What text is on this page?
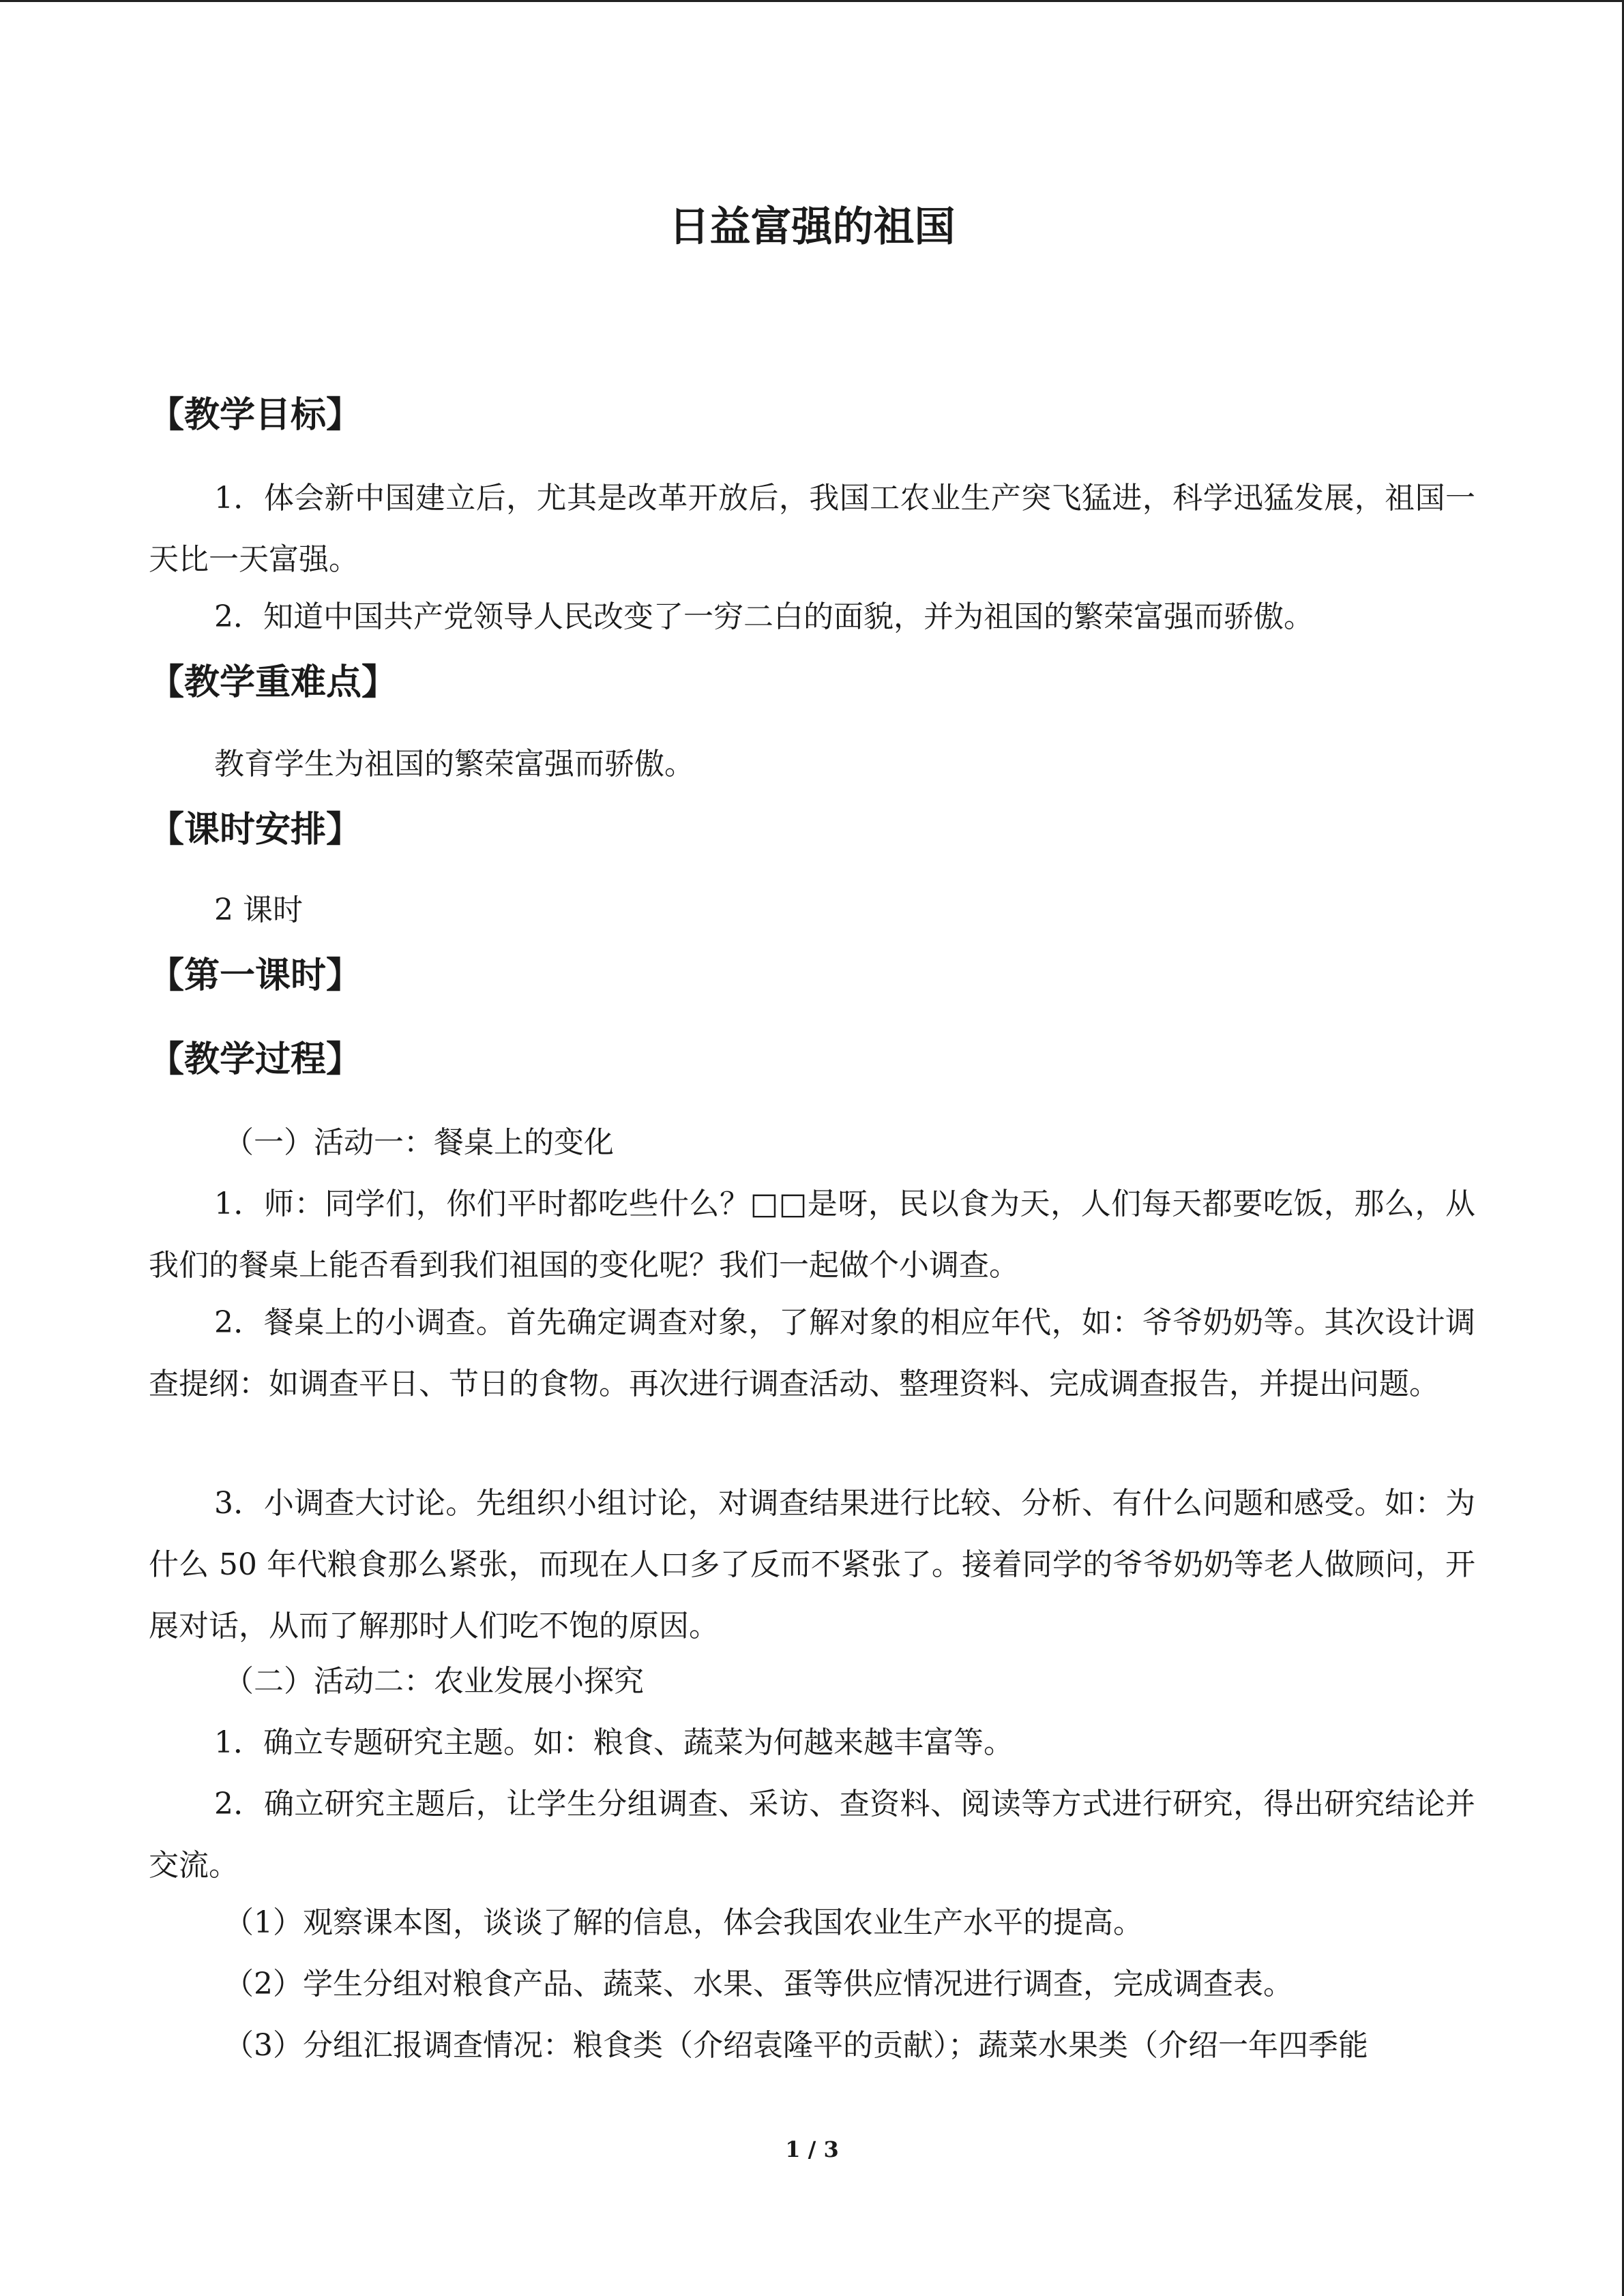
日益富强的祖国
【教学目标】

1．体会新中国建立后，尤其是改革开放后，我国工农业生产突飞猛进，科学迅猛发展，祖国一天比一天富强。

2．知道中国共产党领导人民改变了一穷二白的面貌，并为祖国的繁荣富强而骄傲。

【教学重难点】

教育学生为祖国的繁荣富强而骄傲。

【课时安排】

2 课时

【第一课时】
【教学过程】

（一）活动一：餐桌上的变化

1．师：同学们，你们平时都吃些什么？□□是呀，民以食为天，人们每天都要吃饭，那么，从我们的餐桌上能否看到我们祖国的变化呢？我们一起做个小调查。

2．餐桌上的小调查。首先确定调查对象，了解对象的相应年代，如：爷爷奶奶等。其次设计调查提纲：如调查平日、节日的食物。再次进行调查活动、整理资料、完成调查报告，并提出问题。

3．小调查大讨论。先组织小组讨论，对调查结果进行比较、分析、有什么问题和感受。如：为什么 50 年代粮食那么紧张，而现在人口多了反而不紧张了。接着同学的爷爷奶奶等老人做顾问，开展对话，从而了解那时人们吃不饱的原因。

（二）活动二：农业发展小探究

1．确立专题研究主题。如：粮食、蔬菜为何越来越丰富等。

2．确立研究主题后，让学生分组调查、采访、查资料、阅读等方式进行研究，得出研究结论并交流。

（1）观察课本图，谈谈了解的信息，体会我国农业生产水平的提高。

（2）学生分组对粮食产品、蔬菜、水果、蛋等供应情况进行调查，完成调查表。

（3）分组汇报调查情况：粮食类（介绍袁隆平的贡献）；蔬菜水果类（介绍一年四季能

1 / 3
